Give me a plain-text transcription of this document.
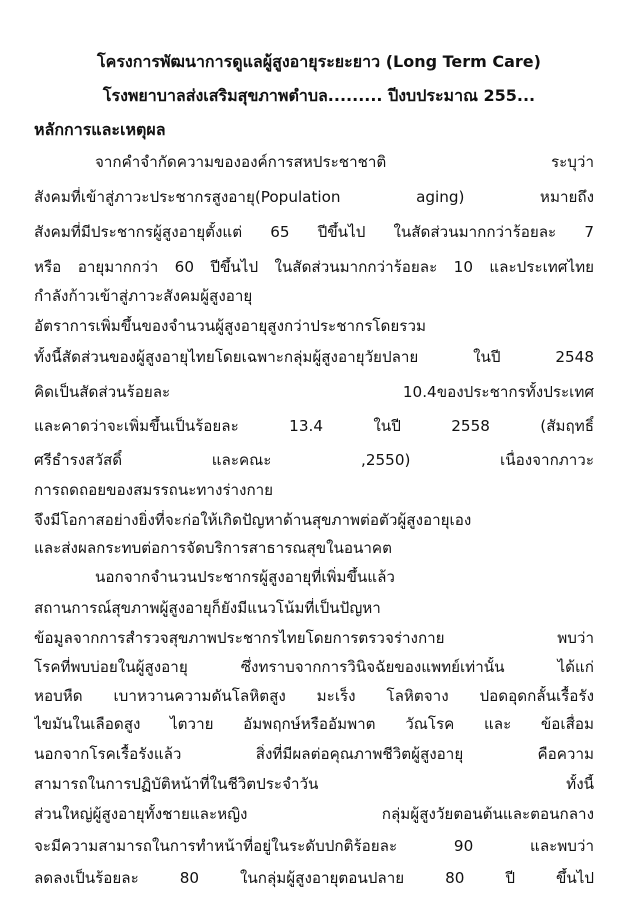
โครงการพัฒนาการดูแลผู้สูงอายุระยะยาว (Long Term Care)
โรงพยาบาลส่งเสริมสุขภาพตำบล......... ปีงบประมาณ 255...
หลักการและเหตุผล
จากคำจำกัดความขององค์การสหประชาชาติ ระบุว่า
สังคมที่เข้าสู่ภาวะประชากรสูงอายุ(Population aging) หมายถึง
สังคมที่มีประชากรผู้สูงอายุตั้งแต่ 65 ปีขึ้นไป ในสัดส่วนมากกว่าร้อยละ 7
หรือ อายุมากกว่า 60 ปีขึ้นไป ในสัดส่วนมากกว่าร้อยละ 10 และประเทศไทย
กำลังก้าวเข้าสู่ภาวะสังคมผู้สูงอายุ
อัตราการเพิ่มขึ้นของจำนวนผู้สูงอายุสูงกว่าประชากรโดยรวม
ทั้งนี้สัดส่วนของผู้สูงอายุไทยโดยเฉพาะกลุ่มผู้สูงอายุวัยปลาย ในปี 2548
คิดเป็นสัดส่วนร้อยละ 10.4ของประชากรทั้งประเทศ
และคาดว่าจะเพิ่มขึ้นเป็นร้อยละ 13.4 ในปี 2558 (สัมฤทธิ์
ศรีธำรงสวัสดิ์ และคณะ ,2550) เนื่องจากภาวะ
การถดถอยของสมรรถนะทางร่างกาย
จึงมีโอกาสอย่างยิ่งที่จะก่อให้เกิดปัญหาด้านสุขภาพต่อตัวผู้สูงอายุเอง
และส่งผลกระทบต่อการจัดบริการสาธารณสุขในอนาคต
นอกจากจำนวนประชากรผู้สูงอายุที่เพิ่มขึ้นแล้ว
สถานการณ์สุขภาพผู้สูงอายุก็ยังมีแนวโน้มที่เป็นปัญหา
ข้อมูลจากการสำรวจสุขภาพประชากรไทยโดยการตรวจร่างกาย พบว่า
โรคที่พบบ่อยในผู้สูงอายุ ซึ่งทราบจากการวินิจฉัยของแพทย์เท่านั้น ได้แก่
หอบหืด เบาหวานความดันโลหิตสูง มะเร็ง โลหิตจาง ปอดอุดกลั้นเรื้อรัง
ไขมันในเลือดสูง ไตวาย อัมพฤกษ์หรืออัมพาต วัณโรค และ ข้อเสื่อม
นอกจากโรคเรื้อรังแล้ว สิ่งที่มีผลต่อคุณภาพชีวิตผู้สูงอายุ คือความ
สามารถในการปฏิบัติหน้าที่ในชีวิตประจำวัน ทั้งนี้
ส่วนใหญ่ผู้สูงอายุทั้งชายและหญิง กลุ่มผู้สูงวัยตอนต้นและตอนกลาง
จะมีความสามารถในการทำหน้าที่อยู่ในระดับปกติร้อยละ 90 และพบว่า
ลดลงเป็นร้อยละ 80 ในกลุ่มผู้สูงอายุตอนปลาย 80 ปี ขึ้นไป
